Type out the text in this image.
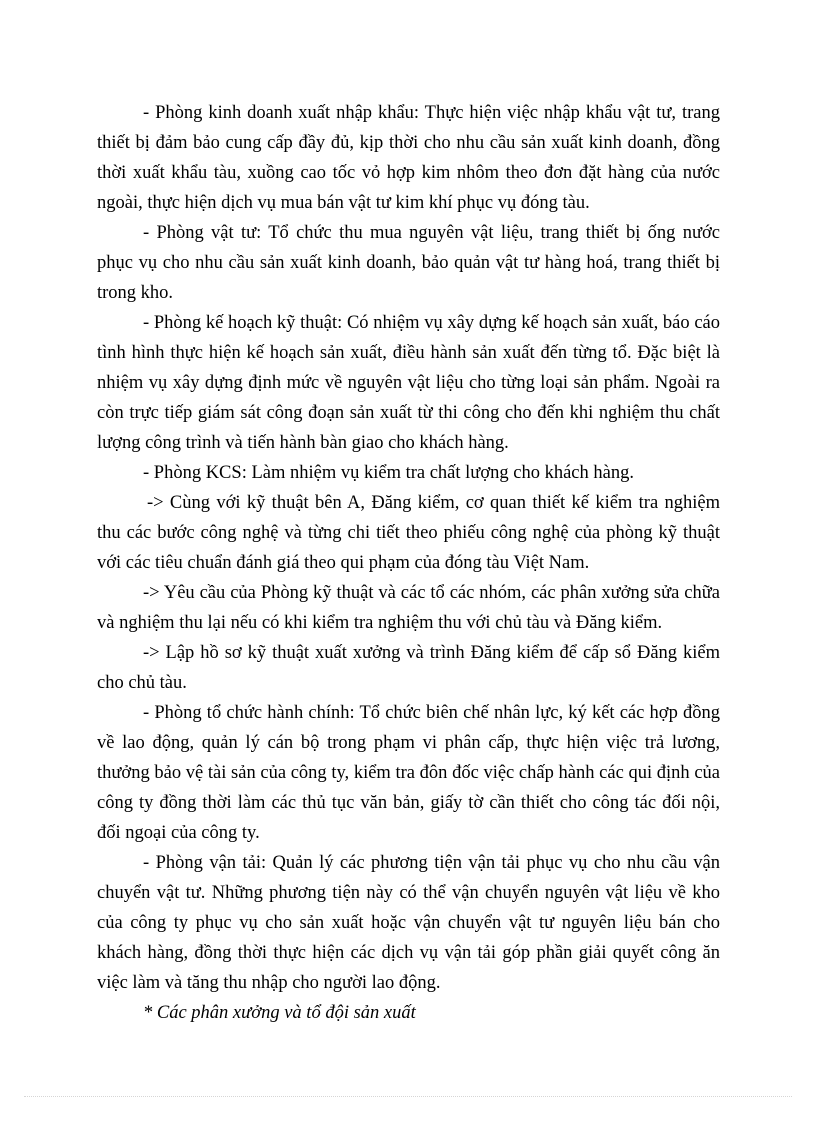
- Phòng kinh doanh xuất nhập khẩu: Thực hiện việc nhập khẩu vật tư, trang thiết bị đảm bảo cung cấp đầy đủ, kịp thời cho nhu cầu sản xuất kinh doanh, đồng thời xuất khẩu tàu, xuồng cao tốc vỏ hợp kim nhôm theo đơn đặt hàng của nước ngoài, thực hiện dịch vụ mua bán vật tư kim khí phục vụ đóng tàu.

- Phòng vật tư: Tổ chức thu mua nguyên vật liệu, trang thiết bị ống nước phục vụ cho nhu cầu sản xuất kinh doanh, bảo quản vật tư hàng hoá, trang thiết bị trong kho.

- Phòng kế hoạch kỹ thuật: Có nhiệm vụ xây dựng kế hoạch sản xuất, báo cáo tình hình thực hiện kế hoạch sản xuất, điều hành sản xuất đến từng tổ. Đặc biệt là nhiệm vụ xây dựng định mức về nguyên vật liệu cho từng loại sản phẩm. Ngoài ra còn trực tiếp giám sát công đoạn sản xuất từ thi công cho đến khi nghiệm thu chất lượng công trình và tiến hành bàn giao cho khách hàng.

- Phòng KCS: Làm nhiệm vụ kiểm tra chất lượng cho khách hàng.

-> Cùng với kỹ thuật bên A, Đăng kiểm, cơ quan thiết kế kiểm tra nghiệm thu các bước công nghệ và từng chi tiết theo phiếu công nghệ của phòng kỹ thuật với các tiêu chuẩn đánh giá theo qui phạm của đóng tàu Việt Nam.

-> Yêu cầu của Phòng kỹ thuật và các tổ các nhóm, các phân xưởng sửa chữa và nghiệm thu lại nếu có khi kiểm tra nghiệm thu với chủ tàu và Đăng kiểm.

-> Lập hồ sơ kỹ thuật xuất xưởng và trình Đăng kiểm để cấp sổ Đăng kiểm cho chủ tàu.

- Phòng tổ chức hành chính: Tổ chức biên chế nhân lực, ký kết các hợp đồng về lao động, quản lý cán bộ trong phạm vi phân cấp, thực hiện việc trả lương, thưởng bảo vệ tài sản của công ty, kiểm tra đôn đốc việc chấp hành các qui định của công ty đồng thời làm các thủ tục văn bản, giấy tờ cần thiết cho công tác đối nội, đối ngoại của công ty.

- Phòng vận tải: Quản lý các phương tiện vận tải phục vụ cho nhu cầu vận chuyển vật tư. Những phương tiện này có thể vận chuyển nguyên vật liệu về kho của công ty phục vụ cho sản xuất hoặc vận chuyển vật tư nguyên liệu bán cho khách hàng, đồng thời thực hiện các dịch vụ vận tải góp phần giải quyết công ăn việc làm và tăng thu nhập cho người lao động.

* Các phân xưởng và tổ đội sản xuất
